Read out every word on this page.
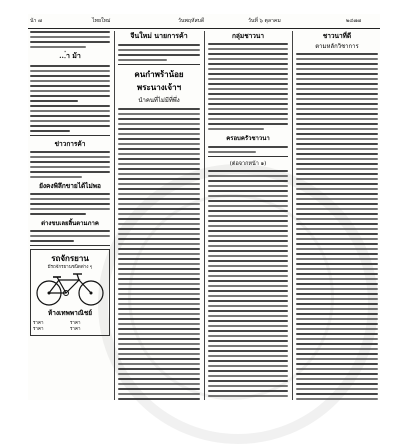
น้า ๗	ไทยใหม่	วันพฤหัสบดี	วันที่ ๖ ตุลาคม	๒๔๗๗
...่า ม้า
ข่าวการค้า
ยังคงพิลึกขายได้ไม่พอ
ต่างขบเลยลิ้นตามภาค
รถจักรยาน
มีรถจักรยานชนิดต่าง ๆ
ห้างเทพพาณิชย์
ราคา
ราคา
ราคา
ราคา
จีนใหม่ นายการค้า
คนกำพร้าน้อย
พระนางเจ้าฯ
นำคนที่ไม่มีที่พึ่ง
กลุ่มชาวนา
ครอบครัวชาวนา
(ต่อจากหน้า ๑)
ชาวนาที่ดี
ตามหลักวิชาการ
